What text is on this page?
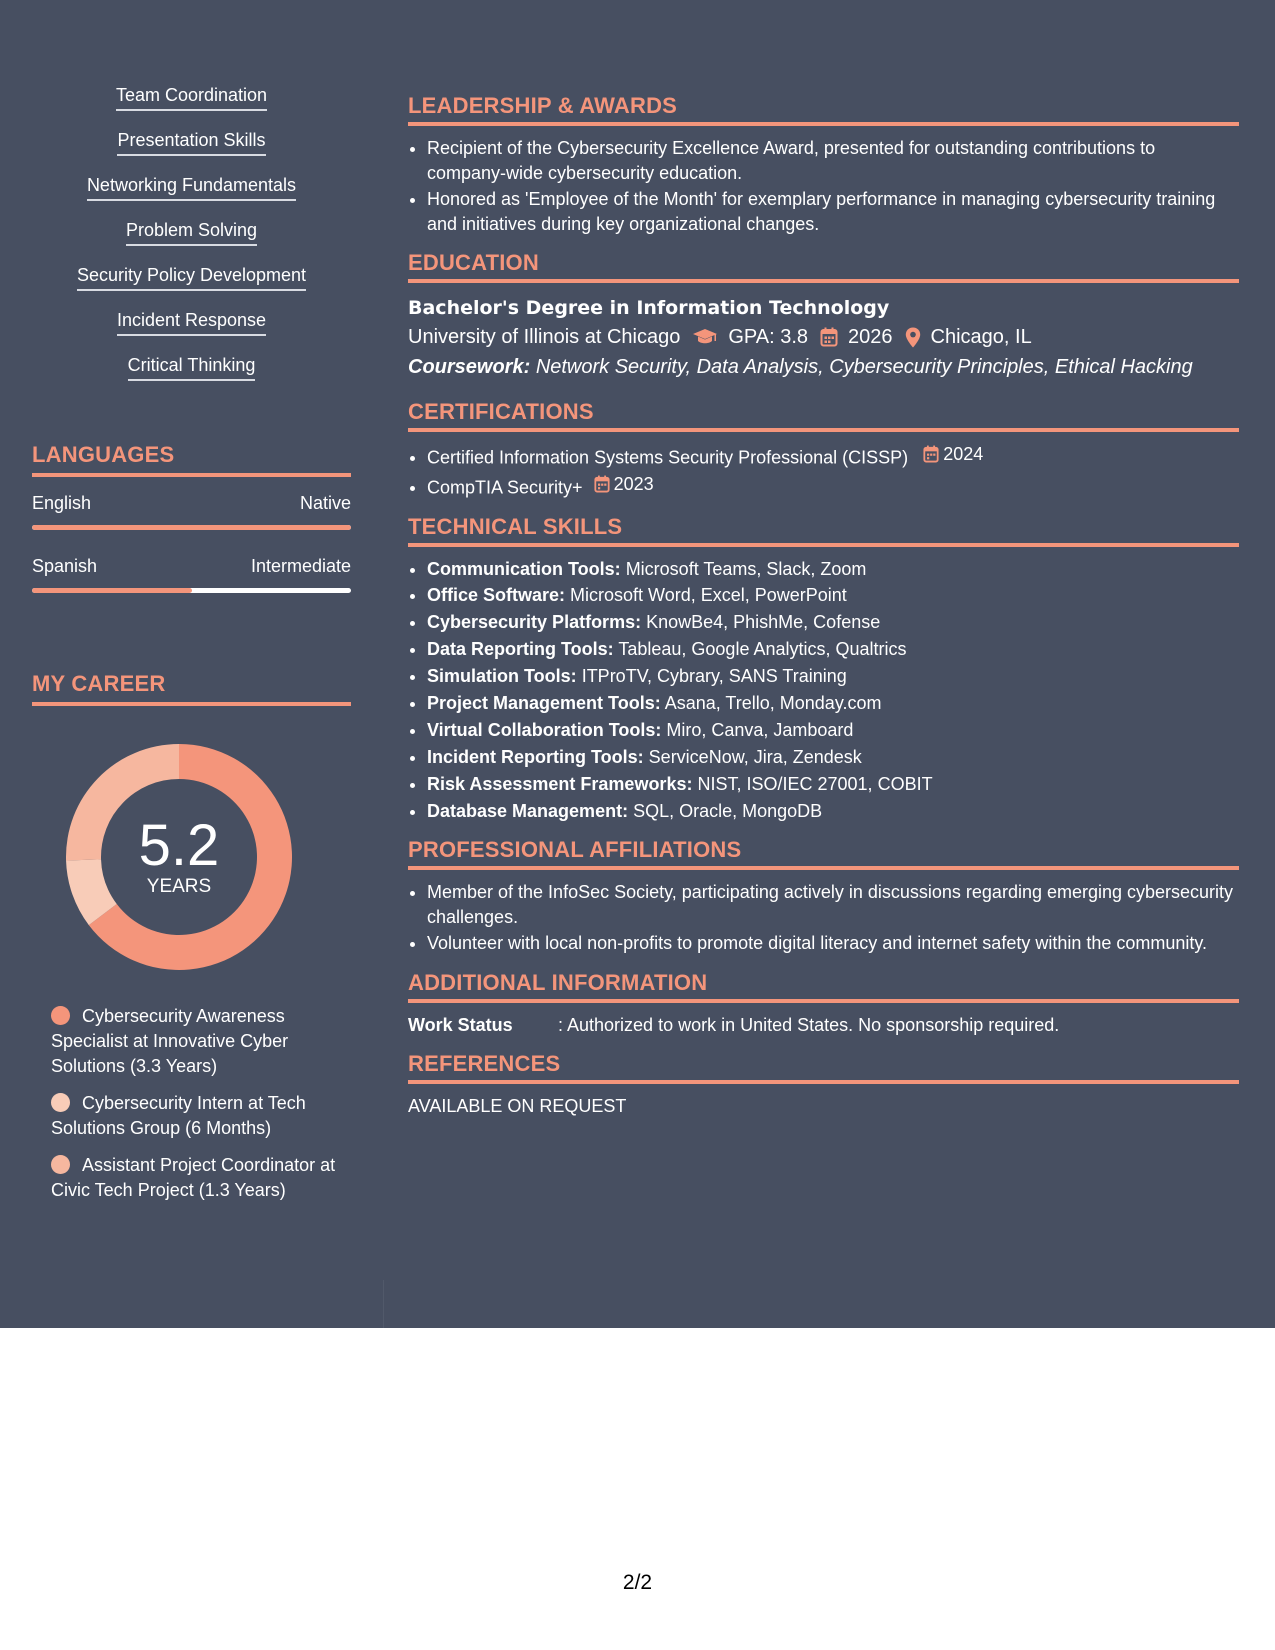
Team Coordination
Presentation Skills
Networking Fundamentals
Problem Solving
Security Policy Development
Incident Response
Critical Thinking
LANGUAGES
English	Native
Spanish	Intermediate
MY CAREER
5.2
YEARS
Cybersecurity Awareness Specialist at Innovative Cyber Solutions (3.3 Years)
Cybersecurity Intern at Tech Solutions Group (6 Months)
Assistant Project Coordinator at Civic Tech Project (1.3 Years)
LEADERSHIP & AWARDS
• Recipient of the Cybersecurity Excellence Award, presented for outstanding contributions to company-wide cybersecurity education.
• Honored as 'Employee of the Month' for exemplary performance in managing cybersecurity training and initiatives during key organizational changes.
EDUCATION
Bachelor's Degree in Information Technology
University of Illinois at Chicago GPA: 3.8 2026 Chicago, IL
Coursework: Network Security, Data Analysis, Cybersecurity Principles, Ethical Hacking
CERTIFICATIONS
• Certified Information Systems Security Professional (CISSP) 2024
• CompTIA Security+ 2023
TECHNICAL SKILLS
• Communication Tools: Microsoft Teams, Slack, Zoom
• Office Software: Microsoft Word, Excel, PowerPoint
• Cybersecurity Platforms: KnowBe4, PhishMe, Cofense
• Data Reporting Tools: Tableau, Google Analytics, Qualtrics
• Simulation Tools: ITProTV, Cybrary, SANS Training
• Project Management Tools: Asana, Trello, Monday.com
• Virtual Collaboration Tools: Miro, Canva, Jamboard
• Incident Reporting Tools: ServiceNow, Jira, Zendesk
• Risk Assessment Frameworks: NIST, ISO/IEC 27001, COBIT
• Database Management: SQL, Oracle, MongoDB
PROFESSIONAL AFFILIATIONS
• Member of the InfoSec Society, participating actively in discussions regarding emerging cybersecurity challenges.
• Volunteer with local non-profits to promote digital literacy and internet safety within the community.
ADDITIONAL INFORMATION
Work Status	: Authorized to work in United States. No sponsorship required.
REFERENCES
AVAILABLE ON REQUEST
2/2
